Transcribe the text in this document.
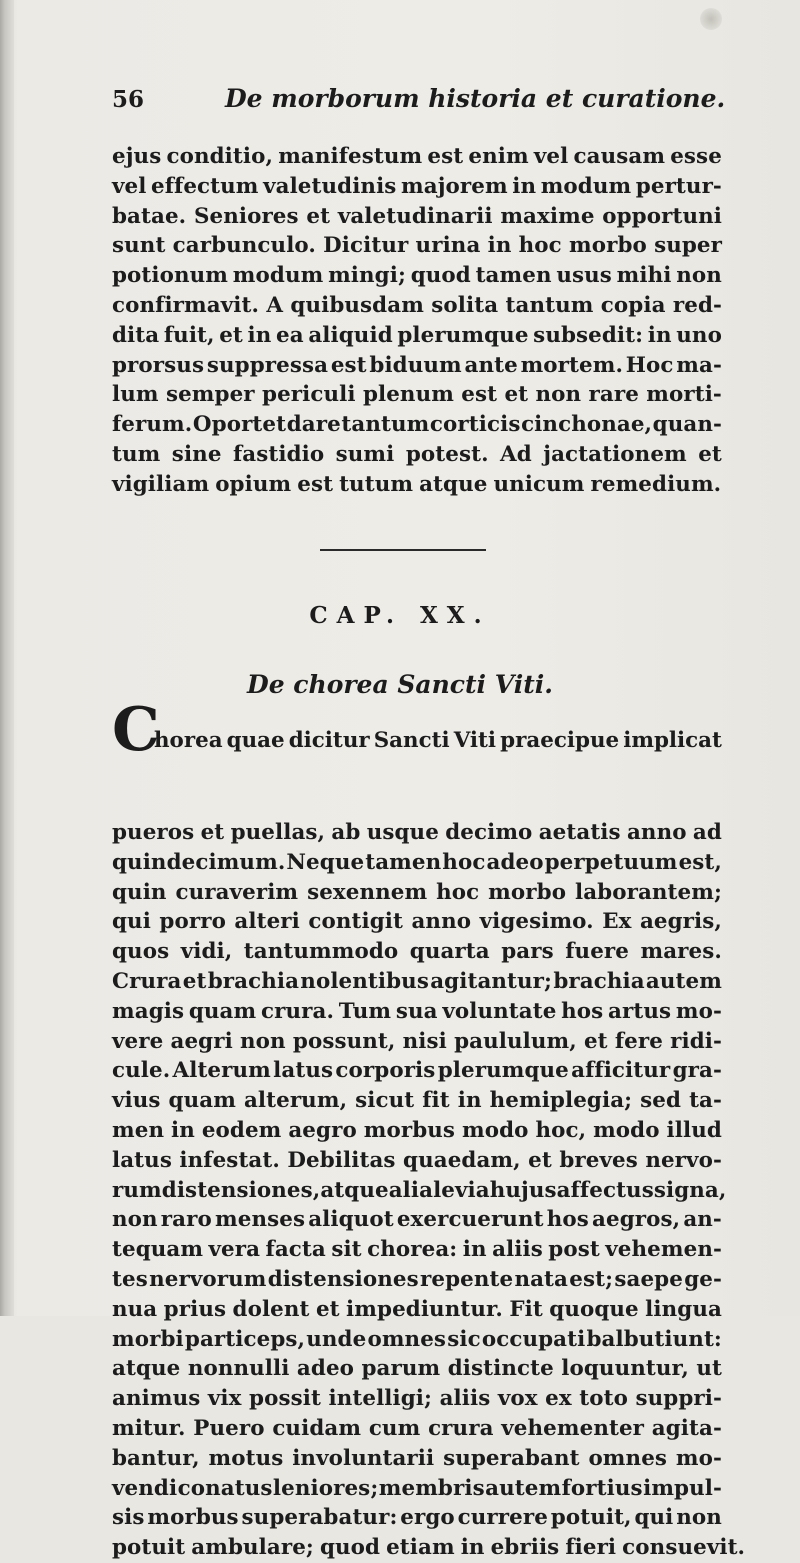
56	De morborum historia et curatione.
ejus conditio, manifestum est enim vel causam esse
vel effectum valetudinis majorem in modum pertur-
batae. Seniores et valetudinarii maxime opportuni
sunt carbunculo. Dicitur urina in hoc morbo super
potionum modum mingi; quod tamen usus mihi non
confirmavit. A quibusdam solita tantum copia red-
dita fuit, et in ea aliquid plerumque subsedit: in uno
prorsus suppressa est biduum ante mortem. Hoc ma-
lum semper periculi plenum est et non rare morti-
ferum. Oportet dare tantum corticis cinchonae, quan-
tum sine fastidio sumi potest. Ad jactationem et
vigiliam opium est tutum atque unicum remedium.
CAP. XX.
De chorea Sancti Viti.
C
horea quae dicitur Sancti Viti praecipue implicat
pueros et puellas, ab usque decimo aetatis anno ad
quindecimum. Neque tamen hoc adeo perpetuum est,
quin curaverim sexennem hoc morbo laborantem;
qui porro alteri contigit anno vigesimo. Ex aegris,
quos vidi, tantummodo quarta pars fuere mares.
Crura et brachia nolentibus agitantur; brachia autem
magis quam crura. Tum sua voluntate hos artus mo-
vere aegri non possunt, nisi paululum, et fere ridi-
cule. Alterum latus corporis plerumque afficitur gra-
vius quam alterum, sicut fit in hemiplegia; sed ta-
men in eodem aegro morbus modo hoc, modo illud
latus infestat. Debilitas quaedam, et breves nervo-
rum distensiones, atque alia levia hujus affectus signa,
non raro menses aliquot exercuerunt hos aegros, an-
tequam vera facta sit chorea: in aliis post vehemen-
tes nervorum distensiones repente nata est; saepe ge-
nua prius dolent et impediuntur. Fit quoque lingua
morbi particeps, unde omnes sic occupati balbutiunt:
atque nonnulli adeo parum distincte loquuntur, ut
animus vix possit intelligi; aliis vox ex toto suppri-
mitur. Puero cuidam cum crura vehementer agita-
bantur, motus involuntarii superabant omnes mo-
vendi conatus leniores; membris autem fortius impul-
sis morbus superabatur: ergo currere potuit, qui non
potuit ambulare; quod etiam in ebriis fieri consuevit.
